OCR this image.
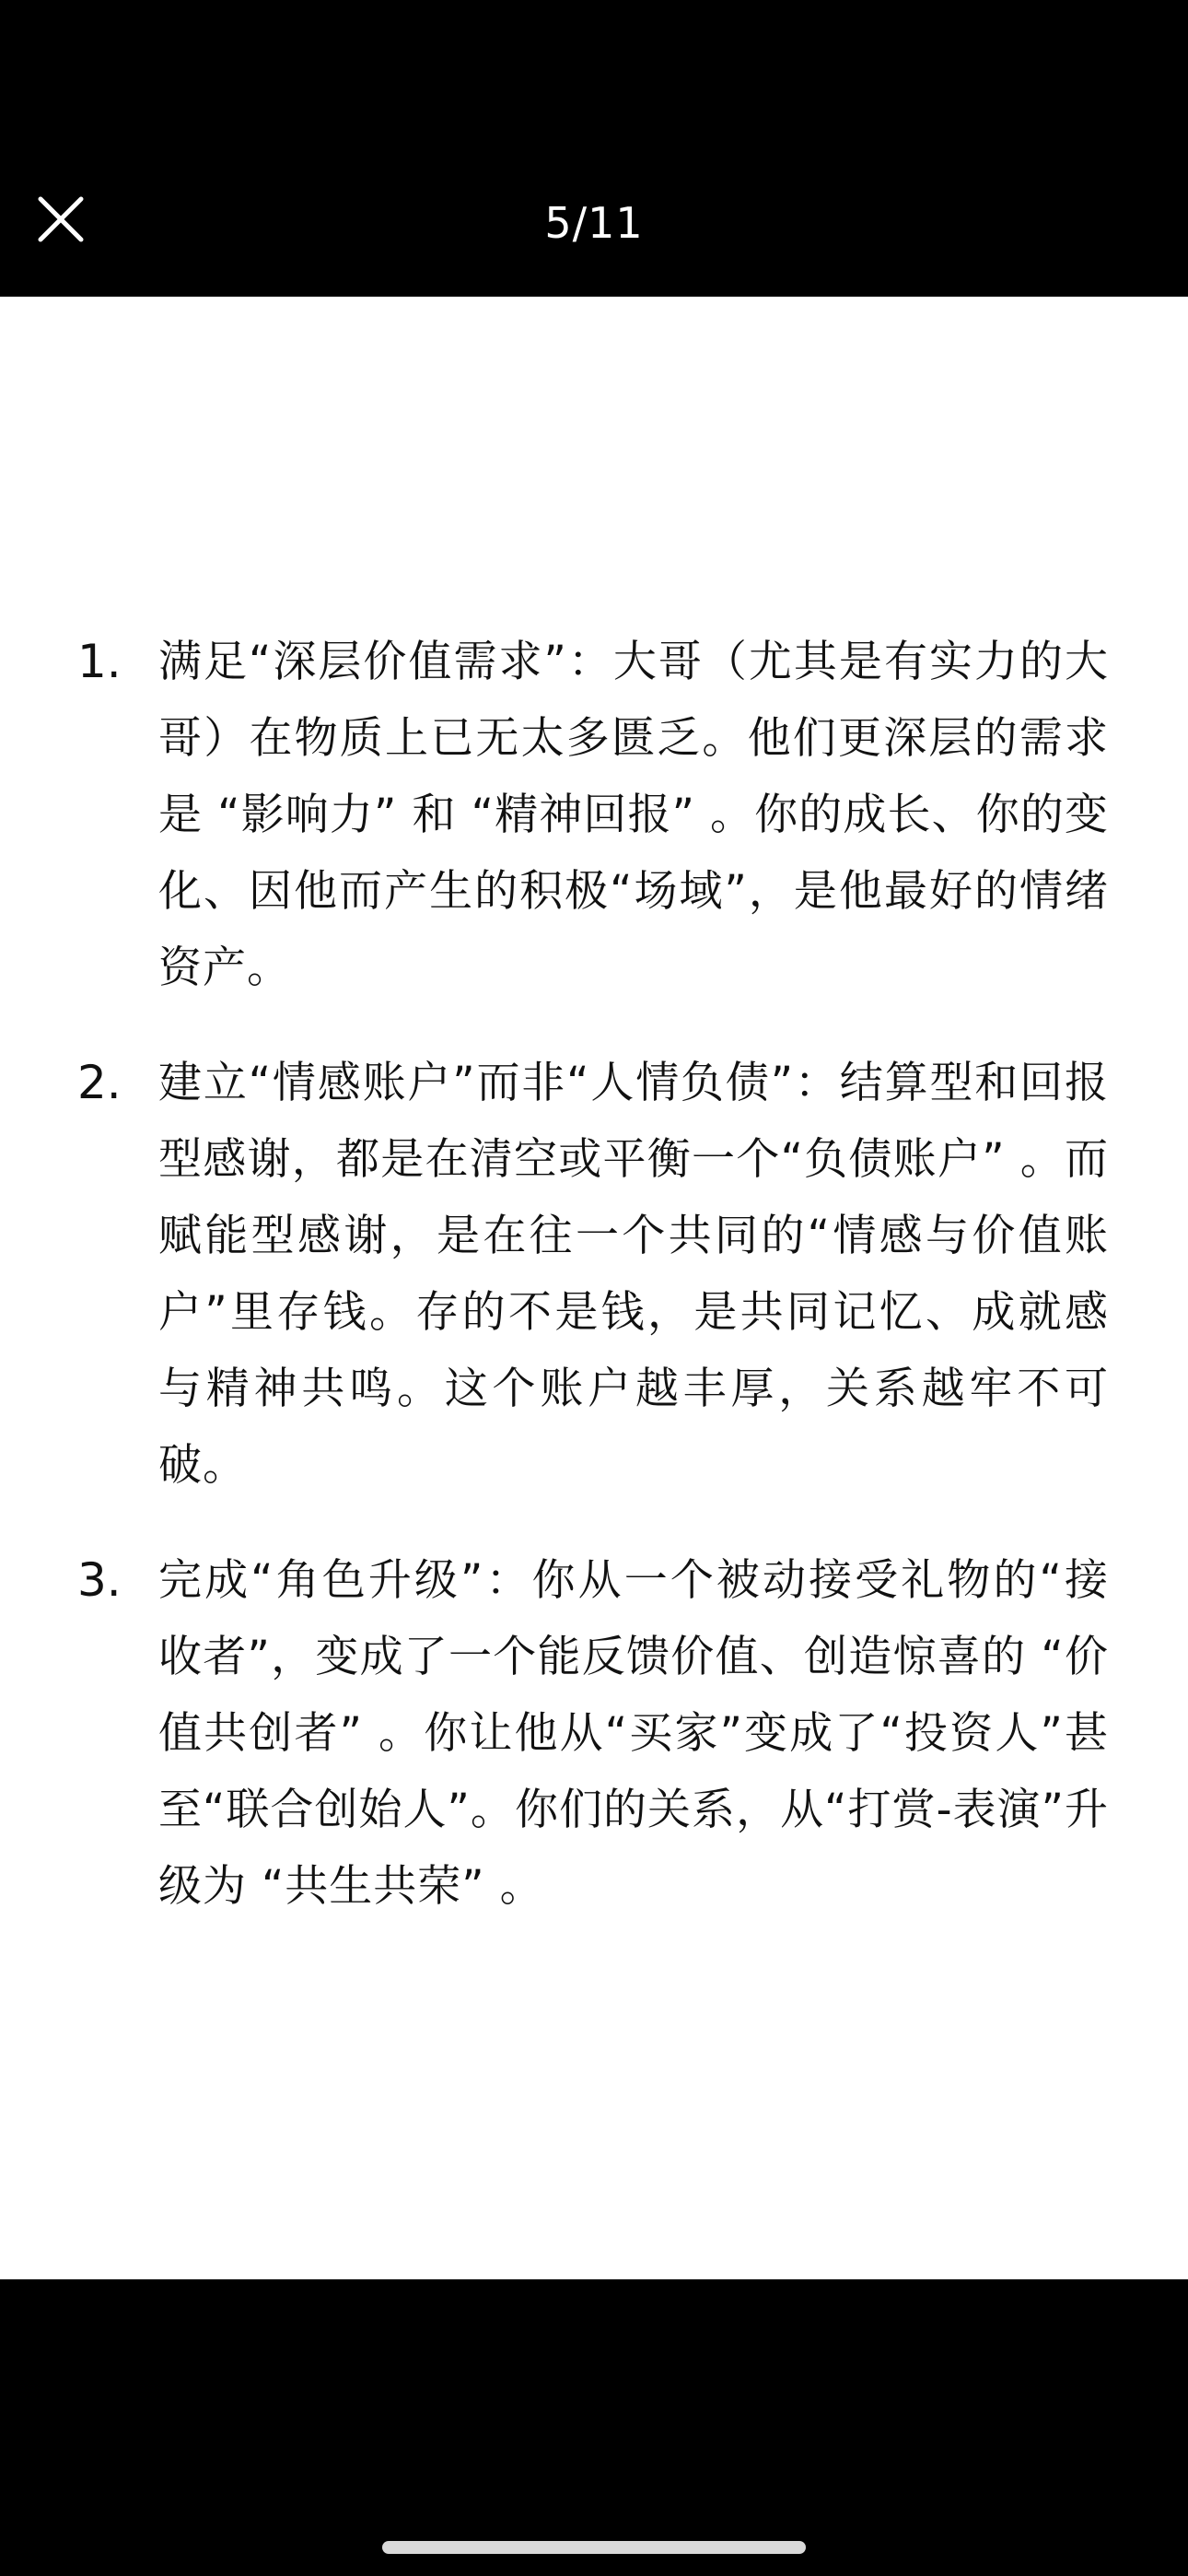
5/11
1. 满足“深层价值需求”：大哥（尤其是有实力的大哥）在物质上已无太多匮乏。他们更深层的需求是 “影响力” 和 “精神回报” 。你的成长、你的变化、因他而产生的积极“场域”，是他最好的情绪资产。
2. 建立“情感账户”而非“人情负债”：结算型和回报型感谢，都是在清空或平衡一个“负债账户” 。而赋能型感谢，是在往一个共同的“情感与价值账户”里存钱。存的不是钱，是共同记忆、成就感与精神共鸣。这个账户越丰厚，关系越牢不可破。
3. 完成“角色升级”：你从一个被动接受礼物的“接收者”，变成了一个能反馈价值、创造惊喜的 “价值共创者” 。你让他从“买家”变成了“投资人”甚至“联合创始人”。你们的关系，从“打赏-表演”升级为 “共生共荣” 。
